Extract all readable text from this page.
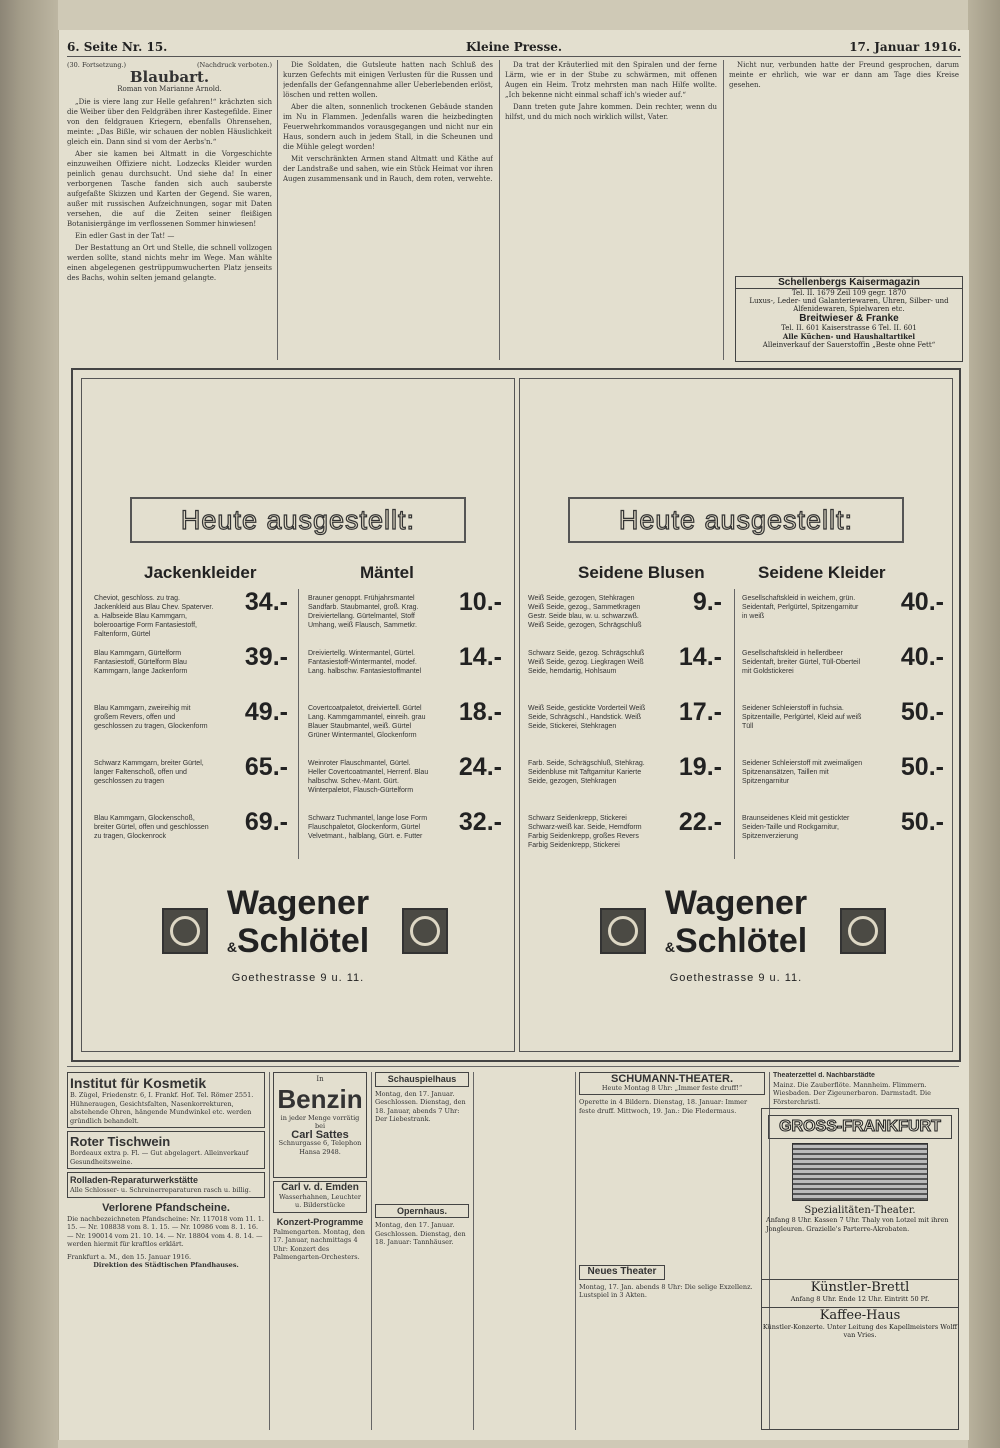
6. Seite Nr. 15.	Kleine Presse.	17. Januar 1916.
(30. Fortsetzung.)	(Nachdruck verboten.)
Blaubart.
Roman von Marianne Arnold.

„Die is viere lang zur Helle gefahren!“ krächzten sich die Weiber über den Feldgräben ihrer Kastegefilde. Einer von den feldgrauen Kriegern, ebenfalls Ohrensehen, meinte: „Das Bißle, wir schauen der noblen Häuslichkeit gleich ein. Dann sind si vom der Aerbs'n.“

Aber sie kamen bei Altmatt in die Vorgeschichte einzuweihen Offiziere nicht. Lodzecks Kleider wurden peinlich genau durchsucht. Und siehe da! In einer verborgenen Tasche fanden sich auch sauberste aufgefaßte Skizzen und Karten der Gegend. Sie waren, außer mit russischen Aufzeichnungen, sogar mit Daten versehen, die auf die Zeiten seiner fleißigen Botanisiergänge im verflossenen Sommer hinwiesen!

Ein edler Gast in der Tat! —

Der Bestattung an Ort und Stelle, die schnell vollzogen werden sollte, stand nichts mehr im Wege. Man wählte einen abgelegenen gestrüppumwucherten Platz jenseits des Bachs, wohin selten jemand gelangte.

Die Soldaten, die Gutsleute hatten nach Schluß des kurzen Gefechts mit einigen Verlusten für die Russen und jedenfalls der Gefangennahme aller Ueberlebenden erlöst, löschen und retten wollen.

Aber die alten, sonnenlich trockenen Gebäude standen im Nu in Flammen. Jedenfalls waren die heizbedingten Feuerwehrkommandos vorausgegangen und nicht nur ein Haus, sondern auch in jedem Stall, in die Scheunen und die Mühle gelegt worden!

Mit verschränkten Armen stand Altmatt und Käthe auf der Landstraße und sahen, wie ein Stück Heimat vor ihren Augen zusammensank und in Rauch, dem roten, verwehte.

Da trat der Kräuterlied mit den Spiralen und der ferne Lärm, wie er in der Stube zu schwärmen, mit offenen Augen ein Heim. Trotz mehrsten man nach Hilfe wollte. „Ich bekenne nicht einmal schaff ich's wieder auf.“

Dann treten gute Jahre kommen. Dein rechter, wenn du hilfst, und du mich noch wirklich willst, Vater.

Nicht nur, verbunden hatte der Freund gesprochen, darum meinte er ehrlich, wie war er dann am Tage dies Kreise gesehen.

Schellenbergs Kaisermagazin
Tel. II. 1679 Zeil 109 gegr. 1870
Luxus-, Leder- und Galanteriewaren, Uhren, Silber- und Alfenidewaren, Spielwaren etc.
Breitwieser & Franke
Tel. II. 601 Kaiserstrasse 6 Tel. II. 601
Alle Küchen- und Haushaltartikel
Alleinverkauf der Sauerstoffin „Beste ohne Fett“
Heute ausgestellt:
Jackenkleider	Mäntel
Cheviot, geschloss. zu trag. Jackenkleid aus Blau Chev. Spaterver. a. Halbseide Blau Kammgarn, bolerooartige Form Fantasiestoff, Faltenform, Gürtel
34.-
Blau Kammgarn, Gürtelform Fantasiestoff, Gürtelform Blau Kammgarn, lange Jackenform
39.-
Blau Kammgarn, zweireihig mit großem Revers, offen und geschlossen zu tragen, Glockenform
49.-
Schwarz Kammgarn, breiter Gürtel, langer Faltenschoß, offen und geschlossen zu tragen
65.-
Blau Kammgarn, Glockenschoß, breiter Gürtel, offen und geschlossen zu tragen, Glockenrock
69.-
Brauner genoppt. Frühjahrsmantel Sandfarb. Staubmantel, groß. Krag. Dreiviertellang. Gürtelmantel, Stoff Umhang, weiß Flausch, Sammetkr.
10.-
Dreiviertellg. Wintermantel, Gürtel. Fantasiestoff-Wintermantel, modef. Lang. halbschw. Fantasiestoffmantel
14.-
Covertcoatpaletot, dreiviertell. Gürtel Lang. Kammgarnmantel, einreih. grau Blauer Staubmantel, weiß. Gürtel Grüner Wintermantel, Glockenform
18.-
Weinroter Flauschmantel, Gürtel. Heller Covertcoatmantel, Herrenf. Blau halbschw. Schev.-Mant. Gürt. Winterpaletot, Flausch-Gürtelform
24.-
Schwarz Tuchmantel, lange lose Form Flauschpaletot, Glockenform, Gürtel Velvetmant., halblang, Gürt. e. Futter
32.-
Wagener
&Schlötel
Goethestrasse 9 u. 11.
Heute ausgestellt:
Seidene Blusen	Seidene Kleider
Weiß Seide, gezogen, Stehkragen Weiß Seide, gezog., Sammetkragen Gestr. Seide blau, w. u. schwarzwß. Weiß Seide, gezogen, Schrägschluß
9.-
Schwarz Seide, gezog. Schrägschluß Weiß Seide, gezog. Liegkragen Weiß Seide, hemdartig, Hohlsaum
14.-
Weiß Seide, gestickte Vorderteil Weiß Seide, Schrägschl., Handstick. Weiß Seide, Stickerei, Stehkragen
17.-
Farb. Seide, Schrägschluß, Stehkrag. Seidenbluse mit Taftgarnitur Karierte Seide, gezogen, Stehkragen
19.-
Schwarz Seidenkrepp, Stickerei Schwarz-weiß kar. Seide, Hemdform Farbig Seidenkrepp, großes Revers Farbig Seidenkrepp, Stickerei
22.-
Gesellschaftskleid in weichem, grün. Seidentaft, Perlgürtel, Spitzengarnitur in weiß
40.-
Gesellschaftskleid in hellerdbeer Seidentaft, breiter Gürtel, Tüll-Oberteil mit Goldstickerei
40.-
Seidener Schleierstoff in fuchsia. Spitzentaille, Perlgürtel, Kleid auf weiß Tüll
50.-
Seidener Schleierstoff mit zweimaligen Spitzenansätzen, Taillen mit Spitzengarnitur
50.-
Braunseidenes Kleid mit gestickter Seiden-Taille und Rockgarnitur, Spitzenverzierung
50.-
Wagener
&Schlötel
Goethestrasse 9 u. 11.
Institut für Kosmetik
B. Zügel, Friedenstr. 6, I. Frankf. Hof. Tel. Römer 2551. Hühneraugen, Gesichtsfalten, Nasenkorrekturen, abstehende Ohren, hängende Mundwinkel etc. werden gründlich behandelt.
Roter Tischwein
Bordeaux extra p. Fl. — Gut abgelagert. Alleinverkauf Gesundheitsweine.
Rolladen-Reparaturwerkstätte
Alle Schlosser- u. Schreinerreparaturen rasch u. billig.
Verlorene Pfandscheine.
Die nachbezeichneten Pfandscheine: Nr. 117018 vom 11. 1. 15. — Nr. 108838 vom 8. 1. 15. — Nr. 10986 vom 8. 1. 16. — Nr. 190014 vom 21. 10. 14. — Nr. 18804 vom 4. 8. 14. — werden hiermit für kraftlos erklärt.
Frankfurt a. M., den 15. Januar 1916.
Direktion des Städtischen Pfandhauses.
In
Benzin
in jeder Menge vorrätig bei
Carl Sattes
Schnurgasse 6, Telephon Hansa 2948.
Carl v. d. Emden
Wasserhahnen, Leuchter u. Bilderstücke
Konzert-Programme
Palmengarten. Montag, den 17. Januar, nachmittags 4 Uhr: Konzert des Palmengarten-Orchesters.
Schauspielhaus
Montag, den 17. Januar. Geschlossen. Dienstag, den 18. Januar, abends 7 Uhr: Der Liebestrank.
Opernhaus.
Montag, den 17. Januar. Geschlossen. Dienstag, den 18. Januar: Tannhäuser.
SCHUMANN-THEATER.
Heute Montag 8 Uhr: „Immer feste druff!“
Operette in 4 Bildern. Dienstag, 18. Januar: Immer feste druff. Mittwoch, 19. Jan.: Die Fledermaus.
Neues Theater
Montag, 17. Jan. abends 8 Uhr: Die selige Exzellenz. Lustspiel in 3 Akten.
Theaterzettel d. Nachbarstädte
Mainz. Die Zauberflöte. Mannheim. Flimmern. Wiesbaden. Der Zigeunerbaron. Darmstadt. Die Försterchristl.
GROSS-FRANKFURT
Spezialitäten-Theater.
Anfang 8 Uhr. Kassen 7 Uhr. Thaly von Lotzel mit ihren Jongleuren. Grazielle's Parterre-Akrobaten.
Künstler-Brettl
Anfang 8 Uhr. Ende 12 Uhr. Eintritt 50 Pf.
Kaffee-Haus
Künstler-Konzerte. Unter Leitung des Kapellmeisters Wolff van Vries.
